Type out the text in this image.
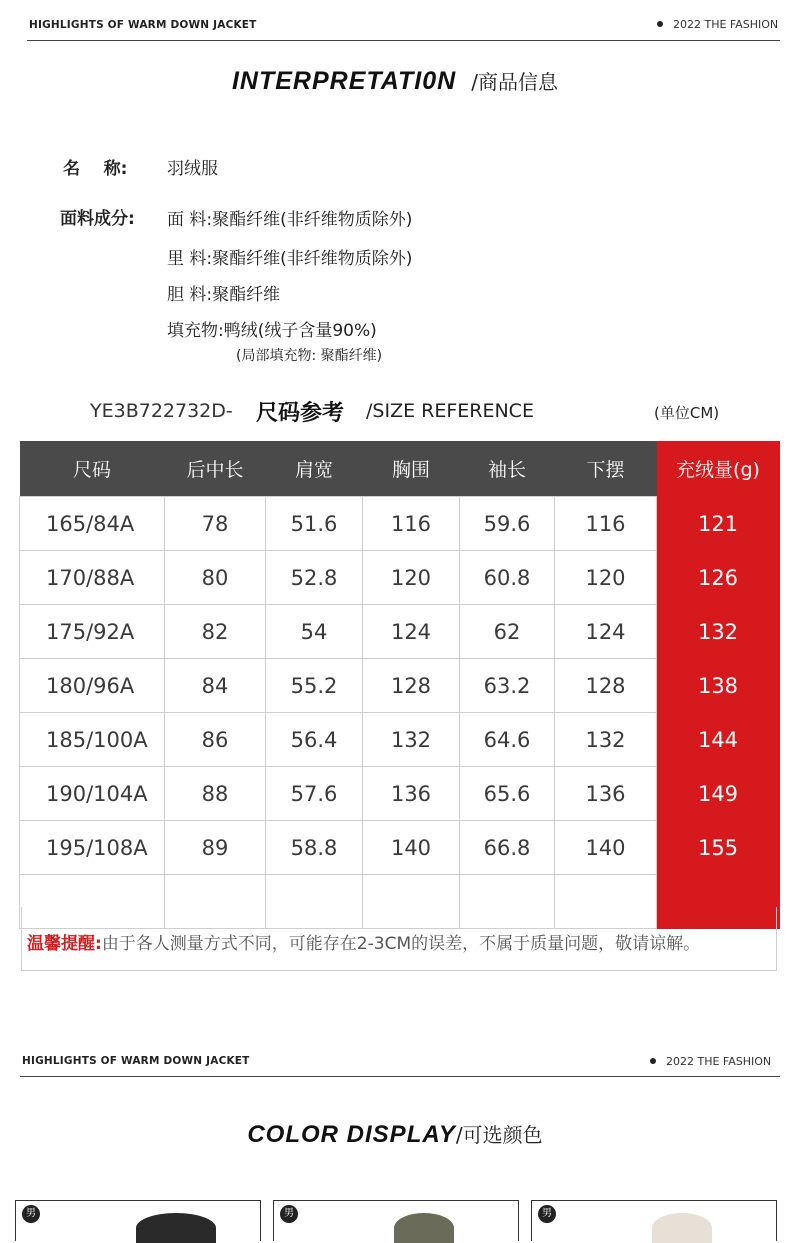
HIGHLIGHTS OF WARM DOWN JACKET	2022 THE FASHION
INTERPRETATI0N /商品信息
名    称: 羽绒服
面料成分: 面 料:聚酯纤维(非纤维物质除外)
里 料:聚酯纤维(非纤维物质除外)
胆 料:聚酯纤维
填充物:鸭绒(绒子含量90%)
(局部填充物: 聚酯纤维)
YE3B722732D- 尺码参考 /SIZE REFERENCE	(单位CM)
尺码	后中长	肩宽	胸围	袖长	下摆	充绒量(g)
165/84A	78	51.6	116	59.6	116	121
170/88A	80	52.8	120	60.8	120	126
175/92A	82	54	124	62	124	132
180/96A	84	55.2	128	63.2	128	138
185/100A	86	56.4	132	64.6	132	144
190/104A	88	57.6	136	65.6	136	149
195/108A	89	58.8	140	66.8	140	155

温馨提醒:由于各人测量方式不同，可能存在2-3CM的误差，不属于质量问题，敬请谅解。
HIGHLIGHTS OF WARM DOWN JACKET	2022 THE FASHION
COLOR DISPLAY/可选颜色
男	男	男
